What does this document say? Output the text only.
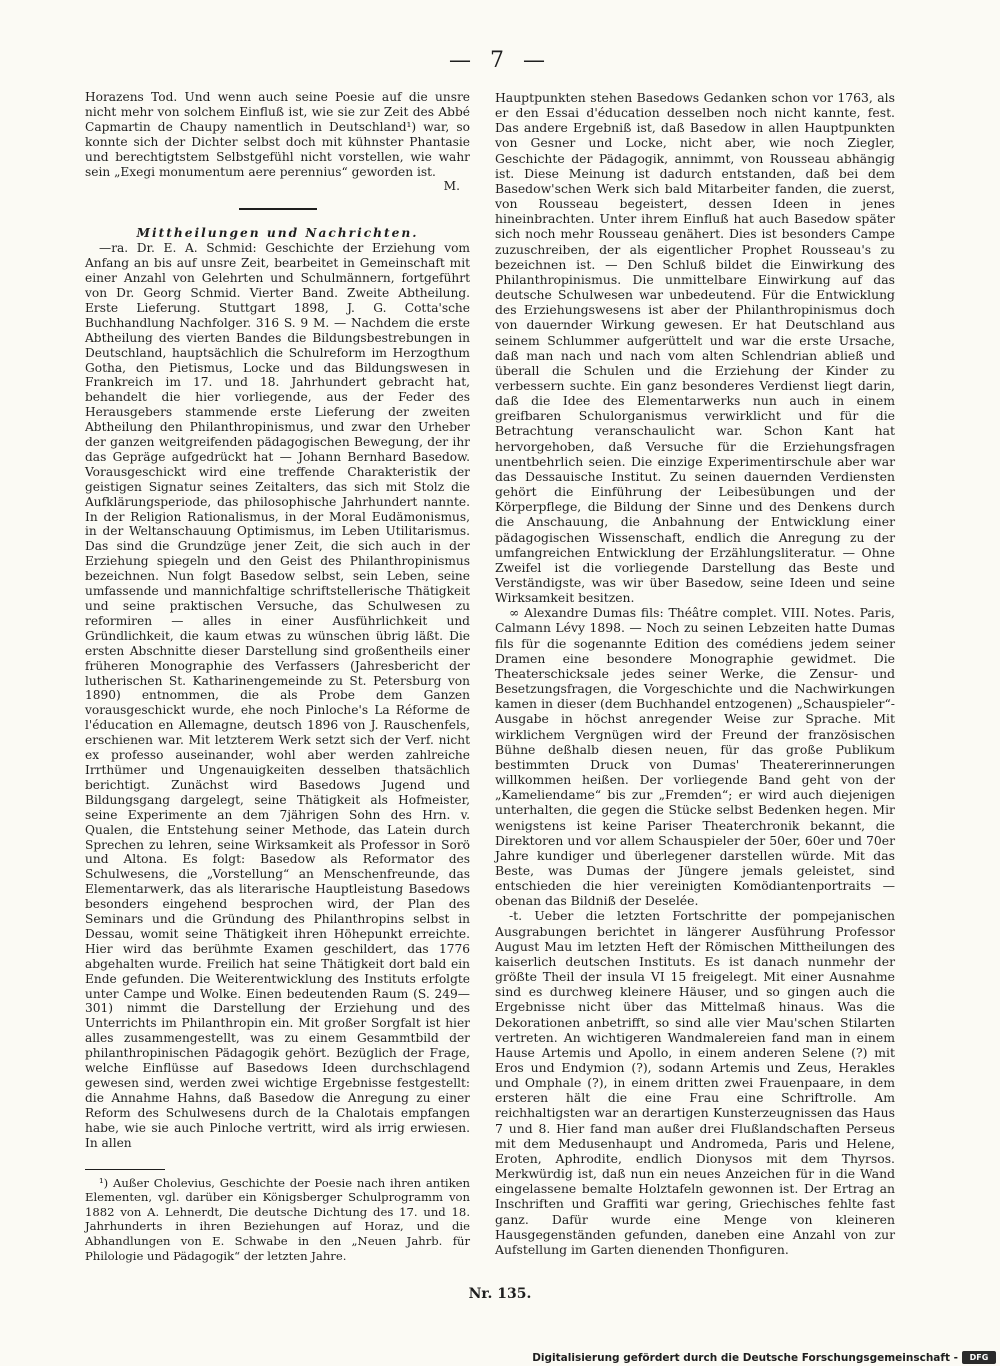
— 7 —

Horazens Tod. Und wenn auch seine Poesie auf die unsre nicht mehr von solchem Einfluß ist, wie sie zur Zeit des Abbé Capmartin de Chaupy namentlich in Deutschland¹) war, so konnte sich der Dichter selbst doch mit kühnster Phantasie und berechtigtstem Selbstgefühl nicht vorstellen, wie wahr sein „Exegi monumentum aere perennius“ geworden ist.

M.

Mittheilungen und Nachrichten.

—ra. Dr. E. A. Schmid: Geschichte der Erziehung vom Anfang an bis auf unsre Zeit, bearbeitet in Gemeinschaft mit einer Anzahl von Gelehrten und Schulmännern, fortgeführt von Dr. Georg Schmid. Vierter Band. Zweite Abtheilung. Erste Lieferung. Stuttgart 1898, J. G. Cotta'sche Buchhandlung Nachfolger. 316 S. 9 M. — Nachdem die erste Abtheilung des vierten Bandes die Bildungsbestrebungen in Deutschland, hauptsächlich die Schulreform im Herzogthum Gotha, den Pietismus, Locke und das Bildungswesen in Frankreich im 17. und 18. Jahrhundert gebracht hat, behandelt die hier vorliegende, aus der Feder des Herausgebers stammende erste Lieferung der zweiten Abtheilung den Philanthropinismus, und zwar den Urheber der ganzen weitgreifenden pädagogischen Bewegung, der ihr das Gepräge aufgedrückt hat — Johann Bernhard Basedow. Vorausgeschickt wird eine treffende Charakteristik der geistigen Signatur seines Zeitalters, das sich mit Stolz die Aufklärungsperiode, das philosophische Jahrhundert nannte. In der Religion Rationalismus, in der Moral Eudämonismus, in der Weltanschauung Optimismus, im Leben Utilitarismus. Das sind die Grundzüge jener Zeit, die sich auch in der Erziehung spiegeln und den Geist des Philanthropinismus bezeichnen. Nun folgt Basedow selbst, sein Leben, seine umfassende und mannichfaltige schriftstellerische Thätigkeit und seine praktischen Versuche, das Schulwesen zu reformiren — alles in einer Ausführlichkeit und Gründlichkeit, die kaum etwas zu wünschen übrig läßt. Die ersten Abschnitte dieser Darstellung sind großentheils einer früheren Monographie des Verfassers (Jahresbericht der lutherischen St. Katharinengemeinde zu St. Petersburg von 1890) entnommen, die als Probe dem Ganzen vorausgeschickt wurde, ehe noch Pinloche's La Réforme de l'éducation en Allemagne, deutsch 1896 von J. Rauschenfels, erschienen war. Mit letzterem Werk setzt sich der Verf. nicht ex professo auseinander, wohl aber werden zahlreiche Irrthümer und Ungenauigkeiten desselben thatsächlich berichtigt. Zunächst wird Basedows Jugend und Bildungsgang dargelegt, seine Thätigkeit als Hofmeister, seine Experimente an dem 7jährigen Sohn des Hrn. v. Qualen, die Entstehung seiner Methode, das Latein durch Sprechen zu lehren, seine Wirksamkeit als Professor in Sorö und Altona. Es folgt: Basedow als Reformator des Schulwesens, die „Vorstellung“ an Menschenfreunde, das Elementarwerk, das als literarische Hauptleistung Basedows besonders eingehend besprochen wird, der Plan des Seminars und die Gründung des Philanthropins selbst in Dessau, womit seine Thätigkeit ihren Höhepunkt erreichte. Hier wird das berühmte Examen geschildert, das 1776 abgehalten wurde. Freilich hat seine Thätigkeit dort bald ein Ende gefunden. Die Weiterentwicklung des Instituts erfolgte unter Campe und Wolke. Einen bedeutenden Raum (S. 249—301) nimmt die Darstellung der Erziehung und des Unterrichts im Philanthropin ein. Mit großer Sorgfalt ist hier alles zusammengestellt, was zu einem Gesammtbild der philanthropinischen Pädagogik gehört. Bezüglich der Frage, welche Einflüsse auf Basedows Ideen durchschlagend gewesen sind, werden zwei wichtige Ergebnisse festgestellt: die Annahme Hahns, daß Basedow die Anregung zu einer Reform des Schulwesens durch de la Chalotais empfangen habe, wie sie auch Pinloche vertritt, wird als irrig erwiesen. In allen

¹) Außer Cholevius, Geschichte der Poesie nach ihren antiken Elementen, vgl. darüber ein Königsberger Schulprogramm von 1882 von A. Lehnerdt, Die deutsche Dichtung des 17. und 18. Jahrhunderts in ihren Beziehungen auf Horaz, und die Abhandlungen von E. Schwabe in den „Neuen Jahrb. für Philologie und Pädagogik“ der letzten Jahre.

Hauptpunkten stehen Basedows Gedanken schon vor 1763, als er den Essai d'éducation desselben noch nicht kannte, fest. Das andere Ergebniß ist, daß Basedow in allen Hauptpunkten von Gesner und Locke, nicht aber, wie noch Ziegler, Geschichte der Pädagogik, annimmt, von Rousseau abhängig ist. Diese Meinung ist dadurch entstanden, daß bei dem Basedow'schen Werk sich bald Mitarbeiter fanden, die zuerst, von Rousseau begeistert, dessen Ideen in jenes hineinbrachten. Unter ihrem Einfluß hat auch Basedow später sich noch mehr Rousseau genähert. Dies ist besonders Campe zuzuschreiben, der als eigentlicher Prophet Rousseau's zu bezeichnen ist. — Den Schluß bildet die Einwirkung des Philanthropinismus. Die unmittelbare Einwirkung auf das deutsche Schulwesen war unbedeutend. Für die Entwicklung des Erziehungswesens ist aber der Philanthropinismus doch von dauernder Wirkung gewesen. Er hat Deutschland aus seinem Schlummer aufgerüttelt und war die erste Ursache, daß man nach und nach vom alten Schlendrian abließ und überall die Schulen und die Erziehung der Kinder zu verbessern suchte. Ein ganz besonderes Verdienst liegt darin, daß die Idee des Elementarwerks nun auch in einem greifbaren Schulorganismus verwirklicht und für die Betrachtung veranschaulicht war. Schon Kant hat hervorgehoben, daß Versuche für die Erziehungsfragen unentbehrlich seien. Die einzige Experimentirschule aber war das Dessauische Institut. Zu seinen dauernden Verdiensten gehört die Einführung der Leibesübungen und der Körperpflege, die Bildung der Sinne und des Denkens durch die Anschauung, die Anbahnung der Entwicklung einer pädagogischen Wissenschaft, endlich die Anregung zu der umfangreichen Entwicklung der Erzählungsliteratur. — Ohne Zweifel ist die vorliegende Darstellung das Beste und Verständigste, was wir über Basedow, seine Ideen und seine Wirksamkeit besitzen.

∞ Alexandre Dumas fils: Théâtre complet. VIII. Notes. Paris, Calmann Lévy 1898. — Noch zu seinen Lebzeiten hatte Dumas fils für die sogenannte Edition des comédiens jedem seiner Dramen eine besondere Monographie gewidmet. Die Theaterschicksale jedes seiner Werke, die Zensur- und Besetzungsfragen, die Vorgeschichte und die Nachwirkungen kamen in dieser (dem Buchhandel entzogenen) „Schauspieler“-Ausgabe in höchst anregender Weise zur Sprache. Mit wirklichem Vergnügen wird der Freund der französischen Bühne deßhalb diesen neuen, für das große Publikum bestimmten Druck von Dumas' Theatererinnerungen willkommen heißen. Der vorliegende Band geht von der „Kameliendame“ bis zur „Fremden“; er wird auch diejenigen unterhalten, die gegen die Stücke selbst Bedenken hegen. Mir wenigstens ist keine Pariser Theaterchronik bekannt, die Direktoren und vor allem Schauspieler der 50er, 60er und 70er Jahre kundiger und überlegener darstellen würde. Mit das Beste, was Dumas der Jüngere jemals geleistet, sind entschieden die hier vereinigten Komödiantenportraits — obenan das Bildniß der Deselée.

-t. Ueber die letzten Fortschritte der pompejanischen Ausgrabungen berichtet in längerer Ausführung Professor August Mau im letzten Heft der Römischen Mittheilungen des kaiserlich deutschen Instituts. Es ist danach nunmehr der größte Theil der insula VI 15 freigelegt. Mit einer Ausnahme sind es durchweg kleinere Häuser, und so gingen auch die Ergebnisse nicht über das Mittelmaß hinaus. Was die Dekorationen anbetrifft, so sind alle vier Mau'schen Stilarten vertreten. An wichtigeren Wandmalereien fand man in einem Hause Artemis und Apollo, in einem anderen Selene (?) mit Eros und Endymion (?), sodann Artemis und Zeus, Herakles und Omphale (?), in einem dritten zwei Frauenpaare, in dem ersteren hält die eine Frau eine Schriftrolle. Am reichhaltigsten war an derartigen Kunsterzeugnissen das Haus 7 und 8. Hier fand man außer drei Flußlandschaften Perseus mit dem Medusenhaupt und Andromeda, Paris und Helene, Eroten, Aphrodite, endlich Dionysos mit dem Thyrsos. Merkwürdig ist, daß nun ein neues Anzeichen für in die Wand eingelassene bemalte Holztafeln gewonnen ist. Der Ertrag an Inschriften und Graffiti war gering, Griechisches fehlte fast ganz. Dafür wurde eine Menge von kleineren Hausgegenständen gefunden, daneben eine Anzahl von zur Aufstellung im Garten dienenden Thonfiguren.

Nr. 135.
Digitalisierung gefördert durch die Deutsche Forschungsgemeinschaft -	DFG
